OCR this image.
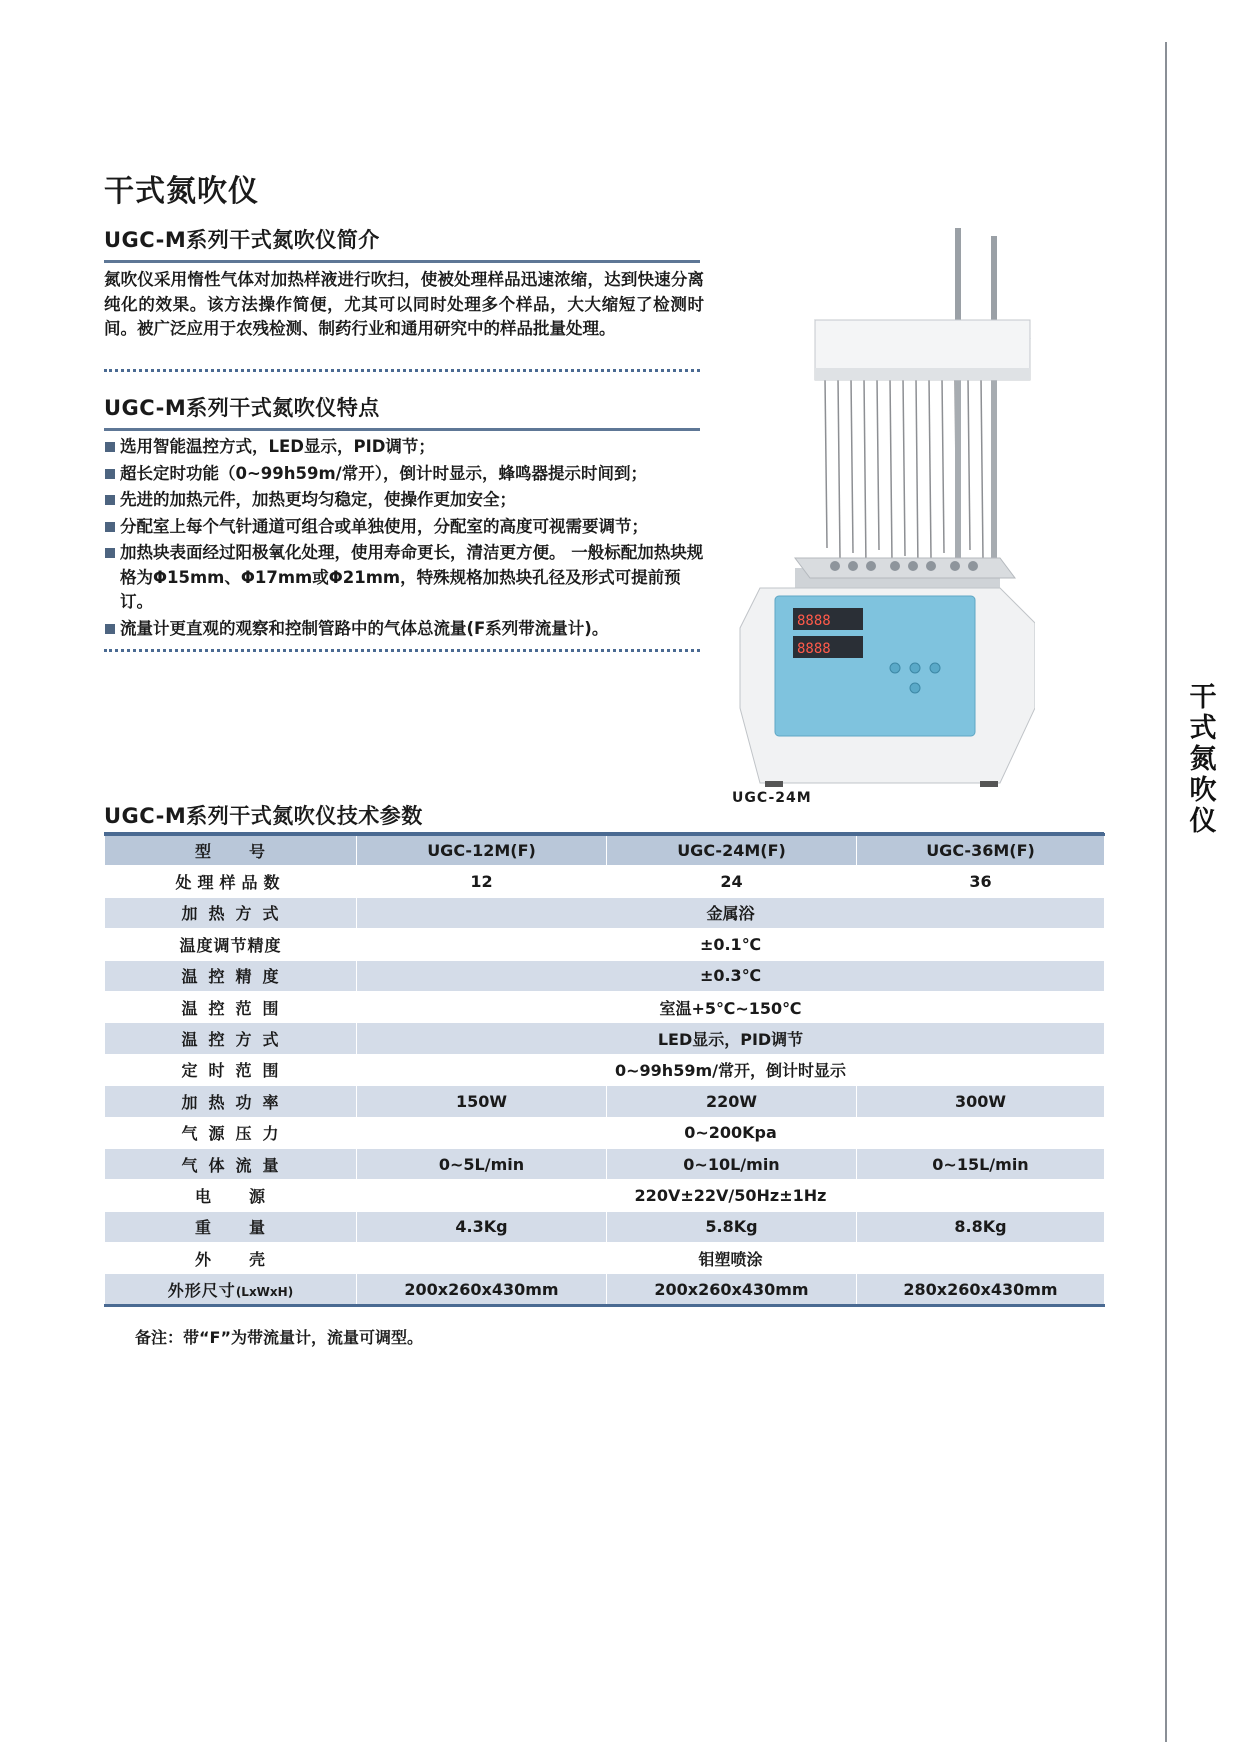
干
式
氮
吹
仪
干式氮吹仪
UGC-M系列干式氮吹仪简介

氮吹仪采用惰性气体对加热样液进行吹扫，使被处理样品迅速浓缩，达到快速分离纯化的效果。该方法操作简便，尤其可以同时处理多个样品，大大缩短了检测时间。被广泛应用于农残检测、制药行业和通用研究中的样品批量处理。

UGC-M系列干式氮吹仪特点
选用智能温控方式，LED显示，PID调节；
超长定时功能（0~99h59m/常开），倒计时显示，蜂鸣器提示时间到；
先进的加热元件，加热更均匀稳定，使操作更加安全；
分配室上每个气针通道可组合或单独使用，分配室的高度可视需要调节；
加热块表面经过阳极氧化处理，使用寿命更长，清洁更方便。 一般标配加热块规格为Φ15mm、Φ17mm或Φ21mm，特殊规格加热块孔径及形式可提前预订。
流量计更直观的观察和控制管路中的气体总流量(F系列带流量计)。	8888
8888
UGC-24M
UGC-M系列干式氮吹仪技术参数
型　号	UGC-12M(F)	UGC-24M(F)	UGC-36M(F)
处理样品数	12	24	36
加热方式	金属浴		
温度调节精度	±0.1℃		
温控精度	±0.3℃		
温控范围	室温+5℃~150℃		
温控方式	LED显示，PID调节		
定时范围	0~99h59m/常开，倒计时显示		
加热功率	150W	220W	300W
气源压力	0~200Kpa		
气体流量	0~5L/min	0~10L/min	0~15L/min
电　源	220V±22V/50Hz±1Hz		
重　量	4.3Kg	5.8Kg	8.8Kg
外　壳	钼塑喷涂		
外形尺寸(LxWxH)	200x260x430mm	200x260x430mm	280x260x430mm

备注：带“F”为带流量计，流量可调型。
